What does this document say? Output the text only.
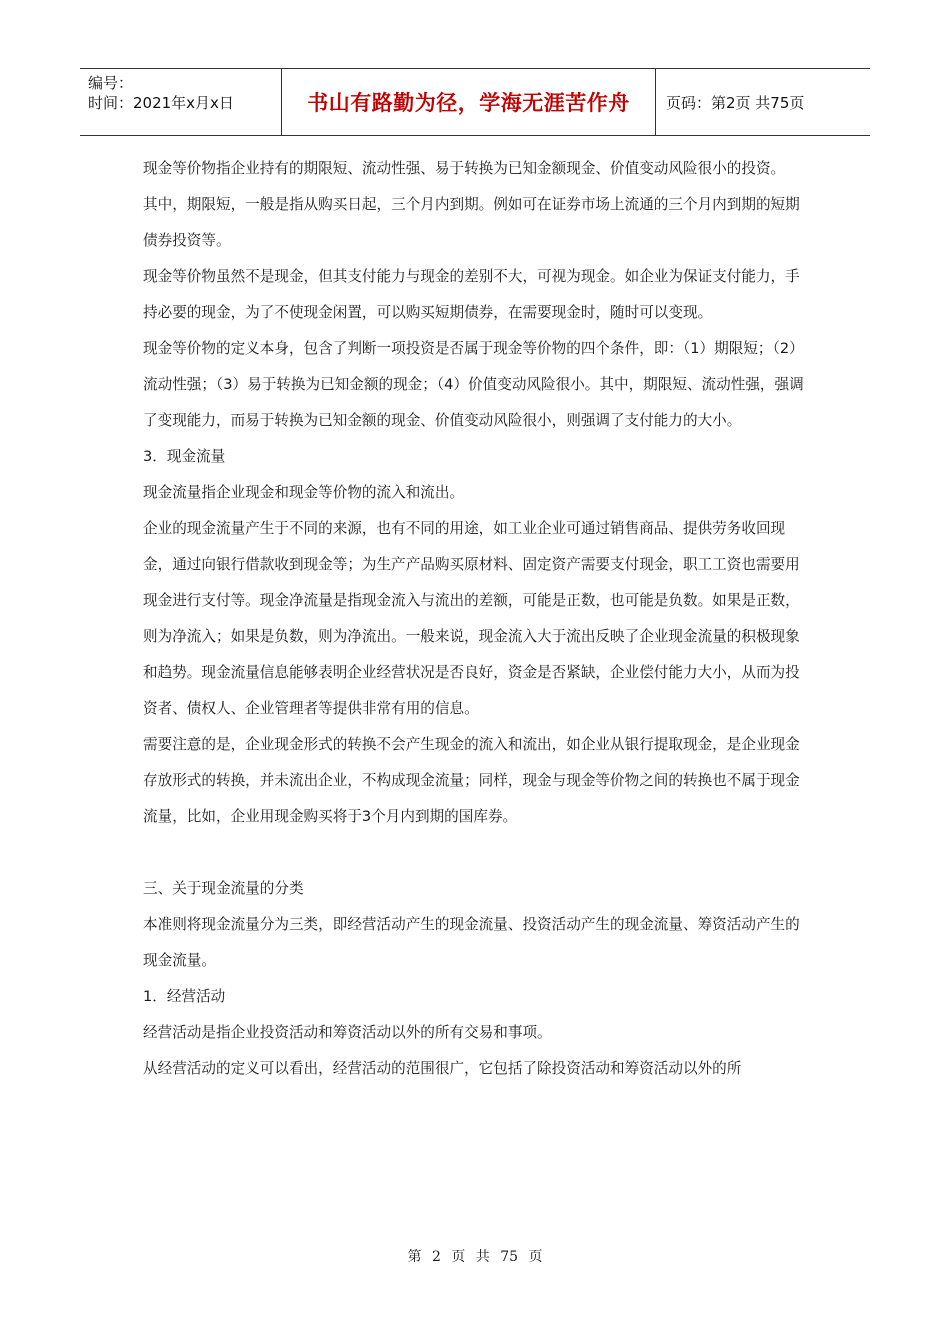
编号：
时间：2021年x月x日	书山有路勤为径，学海无涯苦作舟	页码：第2页 共75页

现金等价物指企业持有的期限短、流动性强、易于转换为已知金额现金、价值变动风险很小的投资。

其中，期限短，一般是指从购买日起，三个月内到期。例如可在证券市场上流通的三个月内到期的短期债券投资等。

现金等价物虽然不是现金，但其支付能力与现金的差别不大，可视为现金。如企业为保证支付能力，手持必要的现金，为了不使现金闲置，可以购买短期债券，在需要现金时，随时可以变现。

现金等价物的定义本身，包含了判断一项投资是否属于现金等价物的四个条件，即：（1）期限短；（2）流动性强；（3）易于转换为已知金额的现金；（4）价值变动风险很小。其中，期限短、流动性强，强调了变现能力，而易于转换为已知金额的现金、价值变动风险很小，则强调了支付能力的大小。

3．现金流量

现金流量指企业现金和现金等价物的流入和流出。

企业的现金流量产生于不同的来源，也有不同的用途，如工业企业可通过销售商品、提供劳务收回现金，通过向银行借款收到现金等；为生产产品购买原材料、固定资产需要支付现金，职工工资也需要用现金进行支付等。现金净流量是指现金流入与流出的差额，可能是正数，也可能是负数。如果是正数，则为净流入；如果是负数，则为净流出。一般来说，现金流入大于流出反映了企业现金流量的积极现象和趋势。现金流量信息能够表明企业经营状况是否良好，资金是否紧缺，企业偿付能力大小，从而为投资者、债权人、企业管理者等提供非常有用的信息。

需要注意的是，企业现金形式的转换不会产生现金的流入和流出，如企业从银行提取现金，是企业现金存放形式的转换，并未流出企业，不构成现金流量；同样，现金与现金等价物之间的转换也不属于现金流量，比如，企业用现金购买将于3个月内到期的国库券。

三、关于现金流量的分类

本准则将现金流量分为三类，即经营活动产生的现金流量、投资活动产生的现金流量、筹资活动产生的现金流量。

1．经营活动

经营活动是指企业投资活动和筹资活动以外的所有交易和事项。

从经营活动的定义可以看出，经营活动的范围很广，它包括了除投资活动和筹资活动以外的所

第 2 页 共 75 页
